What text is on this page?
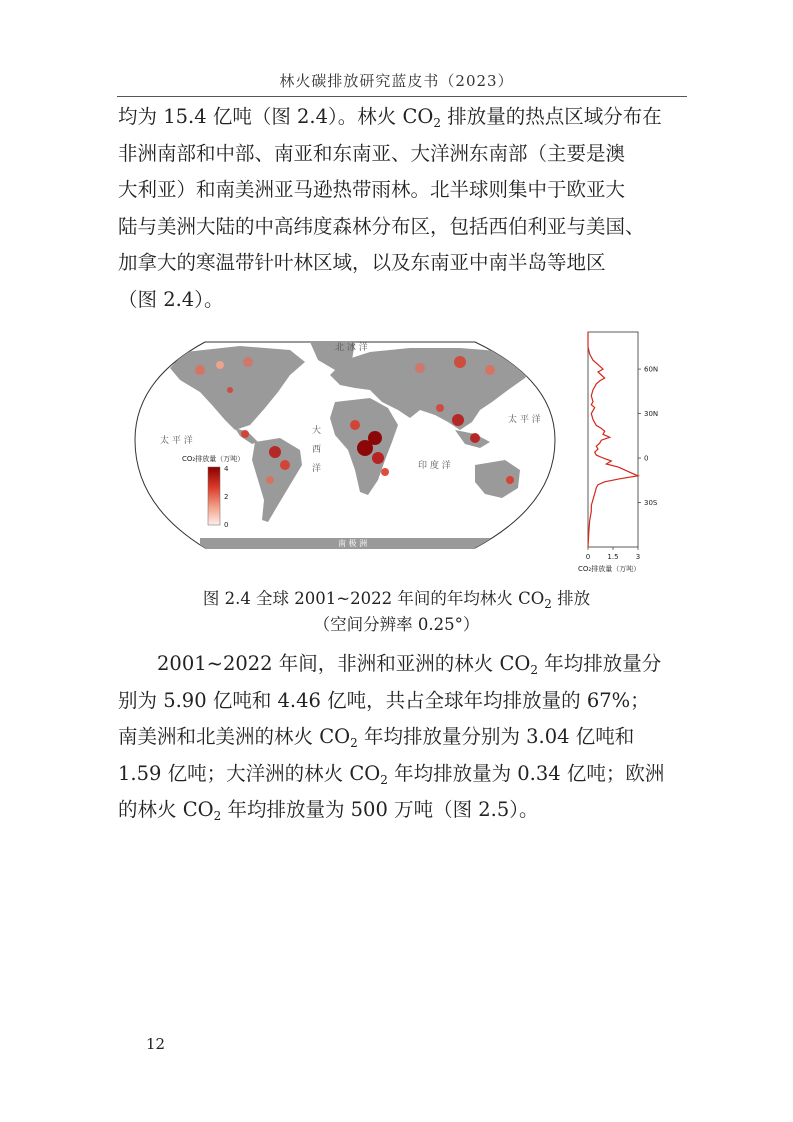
林火碳排放研究蓝皮书（2023）
均为 15.4 亿吨（图 2.4）。林火 $CO_2$ 排放量的热点区域分布在
非洲南部和中部、南亚和东南亚、大洋洲东南部（主要是澳
大利亚）和南美洲亚马逊热带雨林。北半球则集中于欧亚大
陆与美洲大陆的中高纬度森林分布区，包括西伯利亚与美国、
加拿大的寒温带针叶林区域，以及东南亚中南半岛等地区
（图 2.4）。
北 冰 洋
太 平 洋
太 平 洋
大
西
洋	印 度 洋
南 极 洲
CO₂排放量（万吨）
4
2
0
60N
30N
0
30S
0 1.5 3
CO₂排放量（万吨）
图 2.4 全球 2001~2022 年间的年均林火 $CO_2$ 排放
（空间分辨率 0.25°）
2001~2022 年间，非洲和亚洲的林火 $CO_2$ 年均排放量分
别为 5.90 亿吨和 4.46 亿吨，共占全球年均排放量的 67%；
南美洲和北美洲的林火 $CO_2$ 年均排放量分别为 3.04 亿吨和
1.59 亿吨；大洋洲的林火 $CO_2$ 年均排放量为 0.34 亿吨；欧洲
的林火 $CO_2$ 年均排放量为 500 万吨（图 2.5）。
12
